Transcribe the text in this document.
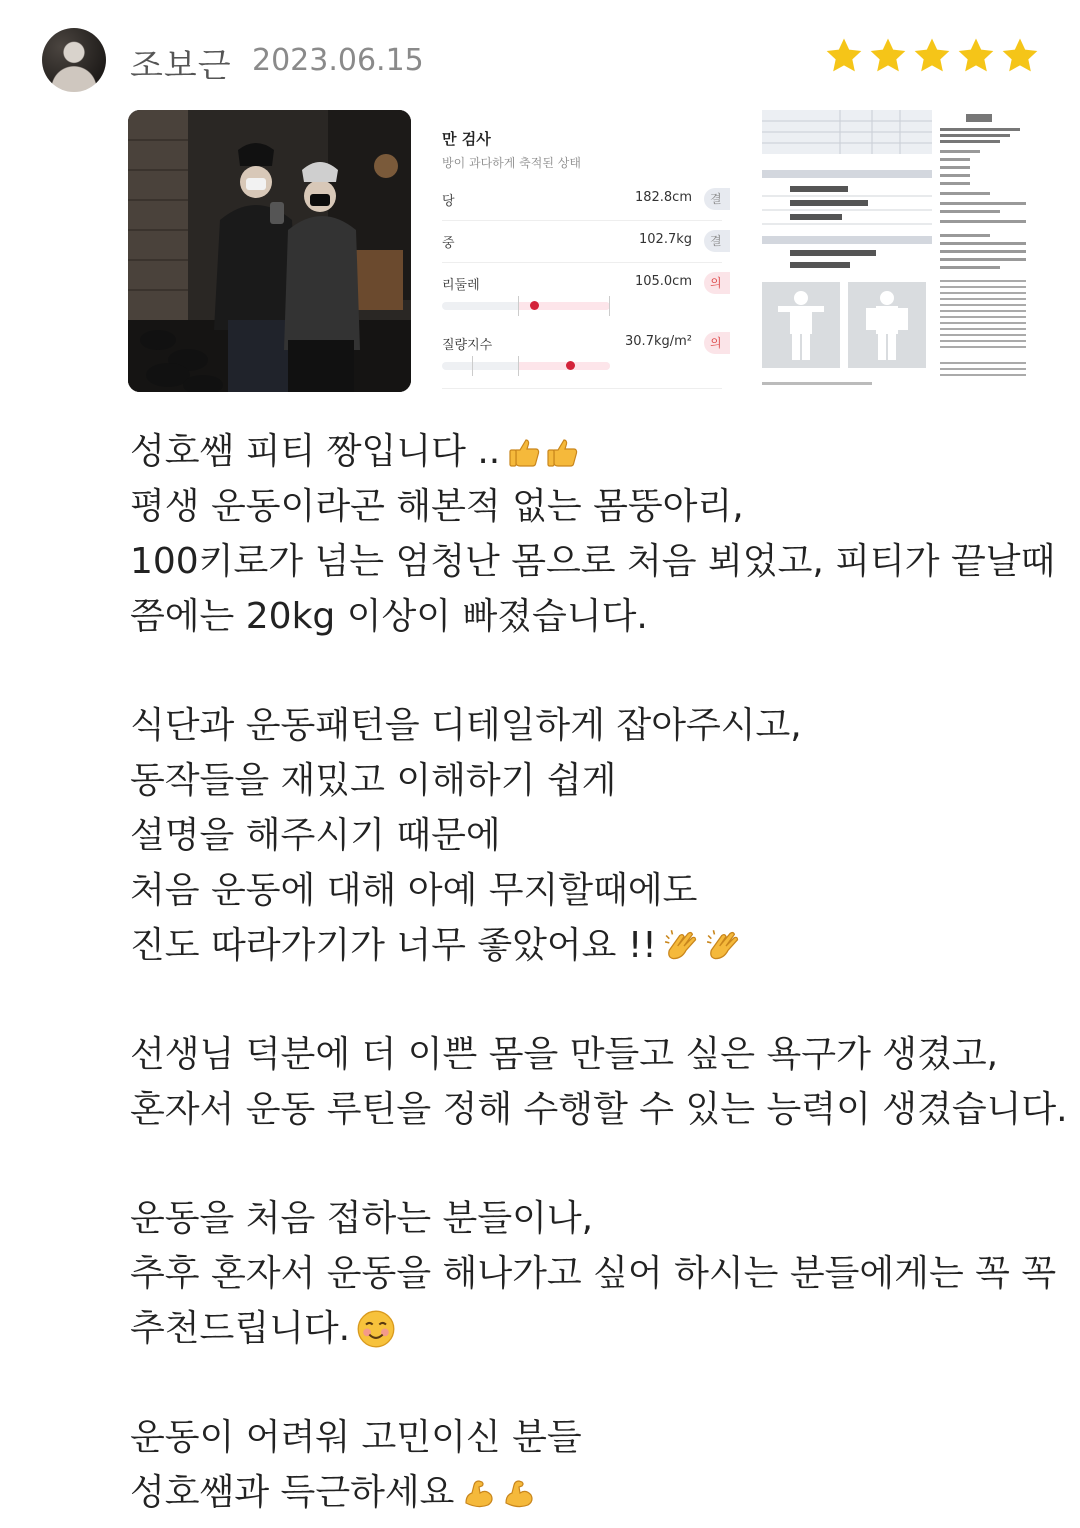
조보근 2023.06.15
만 검사
방이 과다하게 축적된 상태
당	182.8cm	결
중	102.7kg	결
리둘레	105.0cm	의
질량지수	30.7kg/m²	의
성호쌤 피티 짱입니다 ..
평생 운동이라곤 해본적 없는 몸뚱아리,
100키로가 넘는 엄청난 몸으로 처음 뵈었고, 피티가 끝날때
쯤에는 20kg 이상이 빠졌습니다.
식단과 운동패턴을 디테일하게 잡아주시고,
동작들을 재밌고 이해하기 쉽게
설명을 해주시기 때문에
처음 운동에 대해 아예 무지할때에도
진도 따라가기가 너무 좋았어요 !!
선생님 덕분에 더 이쁜 몸을 만들고 싶은 욕구가 생겼고,
혼자서 운동 루틴을 정해 수행할 수 있는 능력이 생겼습니다.
운동을 처음 접하는 분들이나,
추후 혼자서 운동을 해나가고 싶어 하시는 분들에게는 꼭 꼭
추천드립니다.
운동이 어려워 고민이신 분들
성호쌤과 득근하세요
